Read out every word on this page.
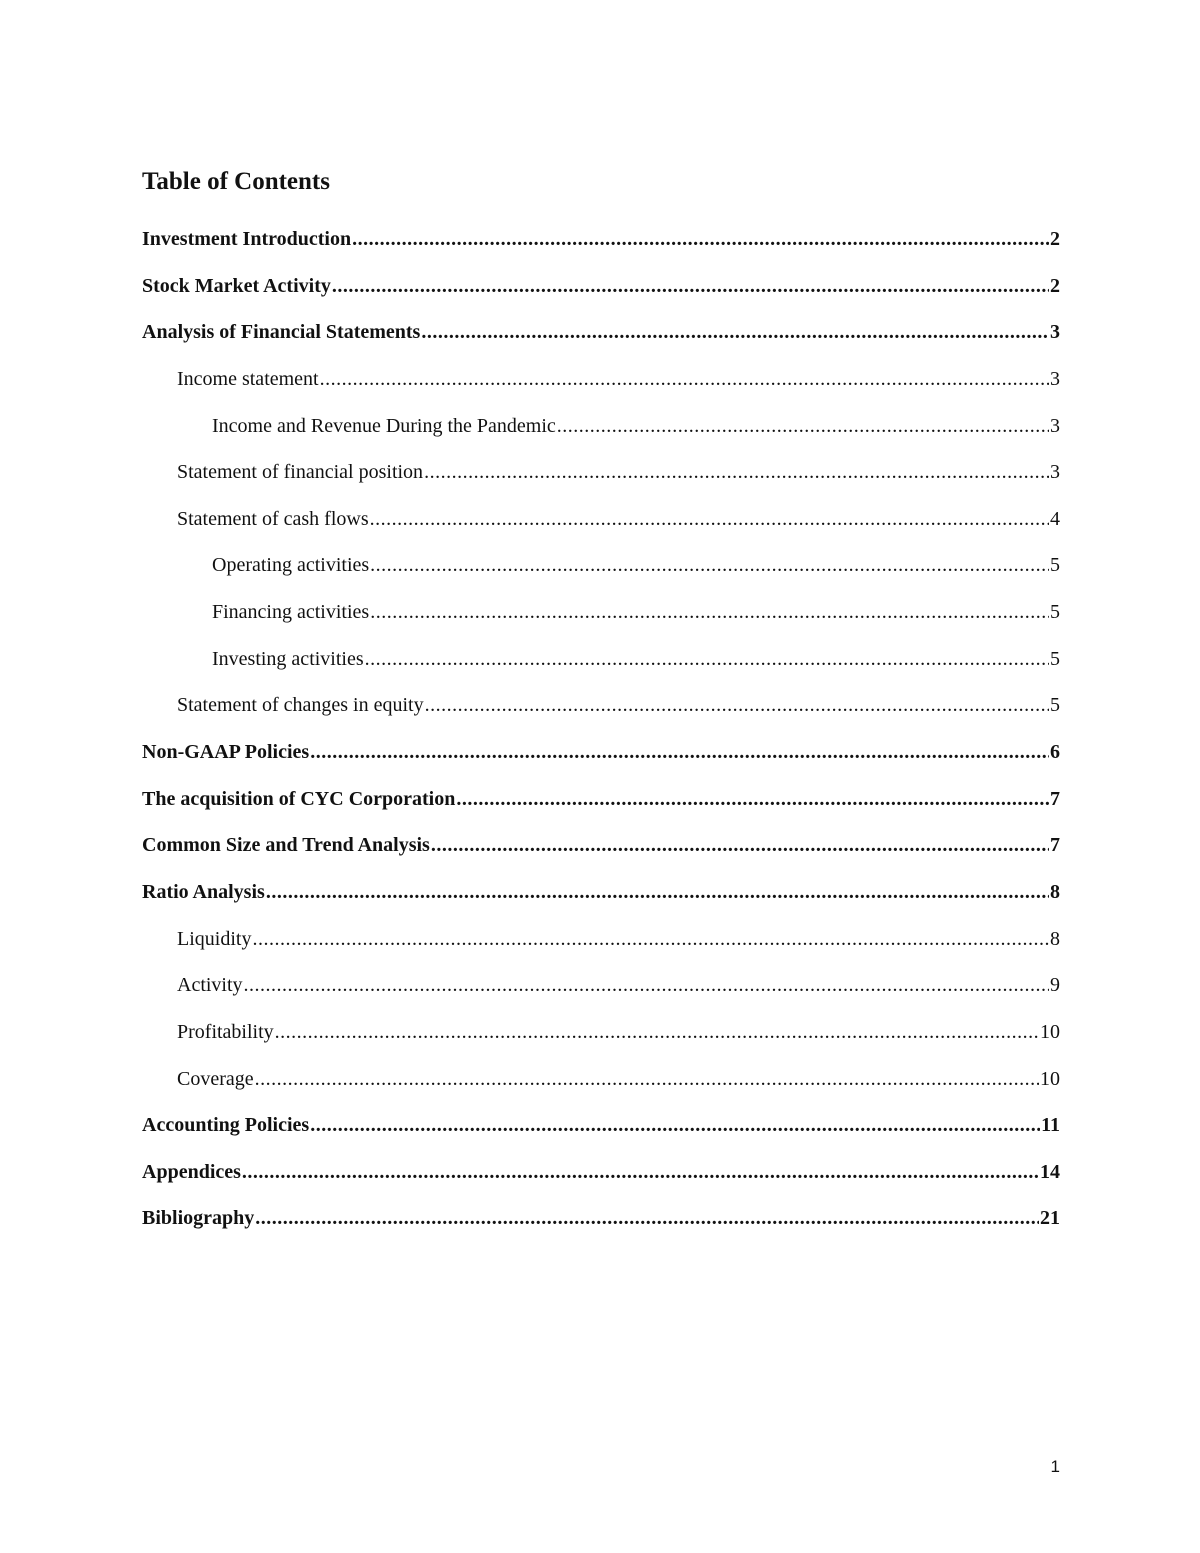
Table of Contents
Investment Introduction .....	2
Stock Market Activity .....	2
Analysis of Financial Statements .....	3
Income statement .....	3
Income and Revenue During the Pandemic .....	3
Statement of financial position .....	3
Statement of cash flows .....	4
Operating activities .....	5
Financing activities .....	5
Investing activities .....	5
Statement of changes in equity .....	5
Non-GAAP Policies .....	6
The acquisition of CYC Corporation .....	7
Common Size and Trend Analysis .....	7
Ratio Analysis .....	8
Liquidity .....	8
Activity .....	9
Profitability .....	10
Coverage .....	10
Accounting Policies .....	11
Appendices .....	14
Bibliography .....	21
1
